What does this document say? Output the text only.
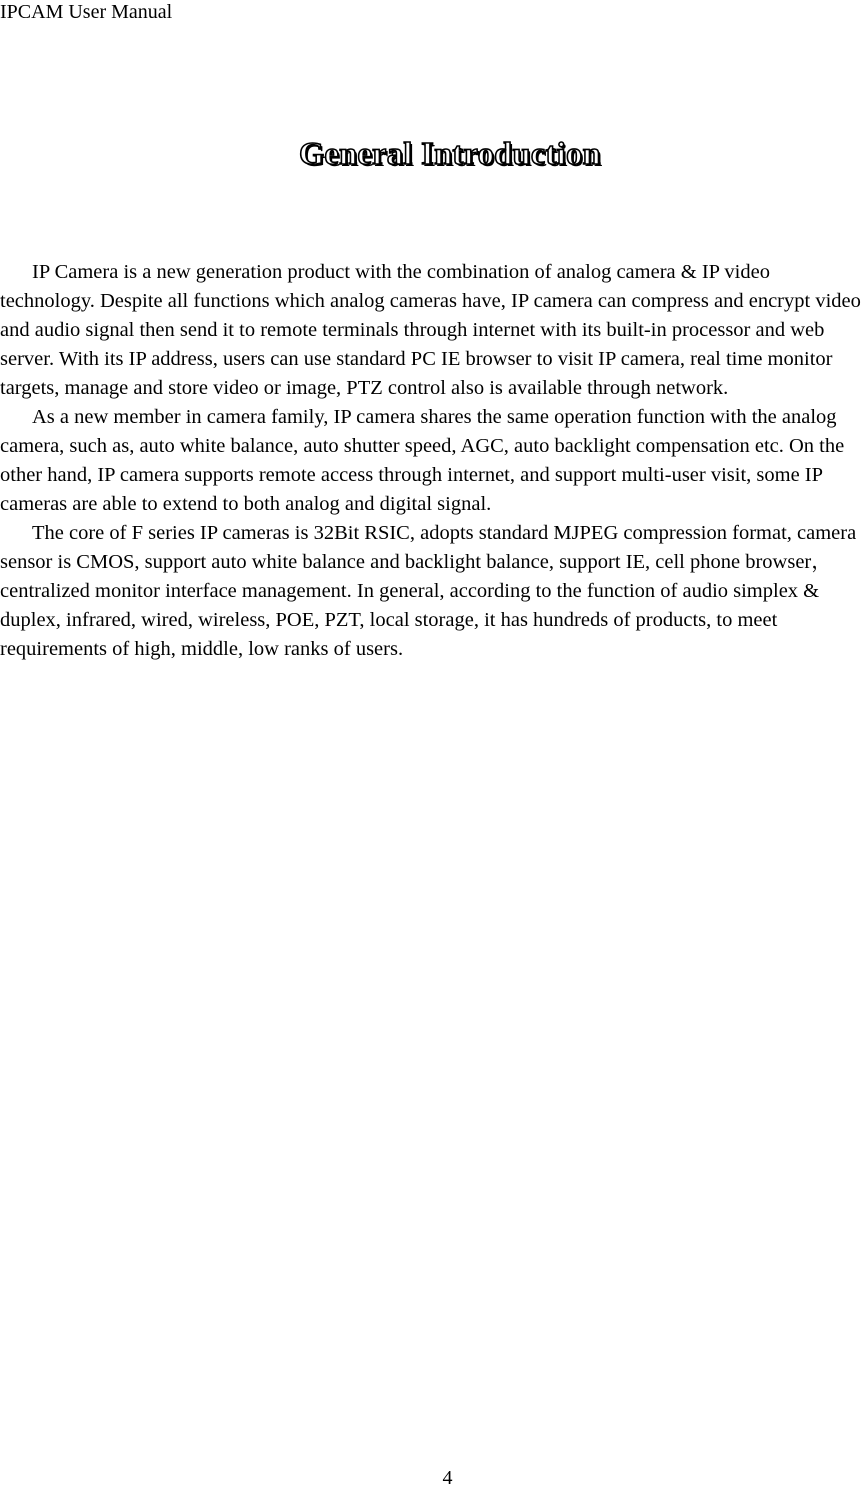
IPCAM User Manual
General Introduction

IP Camera is a new generation product with the combination of analog camera & IP video technology. Despite all functions which analog cameras have, IP camera can compress and encrypt video and audio signal then send it to remote terminals through internet with its built-in processor and web server. With its IP address, users can use standard PC IE browser to visit IP camera, real time monitor targets, manage and store video or image, PTZ control also is available through network.

As a new member in camera family, IP camera shares the same operation function with the analog camera, such as, auto white balance, auto shutter speed, AGC, auto backlight compensation etc. On the other hand, IP camera supports remote access through internet, and support multi-user visit, some IP cameras are able to extend to both analog and digital signal.

The core of F series IP cameras is 32Bit RSIC, adopts standard MJPEG compression format, camera sensor is CMOS, support auto white balance and backlight balance, support IE, cell phone browser， centralized monitor interface management. In general, according to the function of audio simplex & duplex, infrared, wired, wireless, POE, PZT, local storage, it has hundreds of products, to meet requirements of high, middle, low ranks of users.

4
